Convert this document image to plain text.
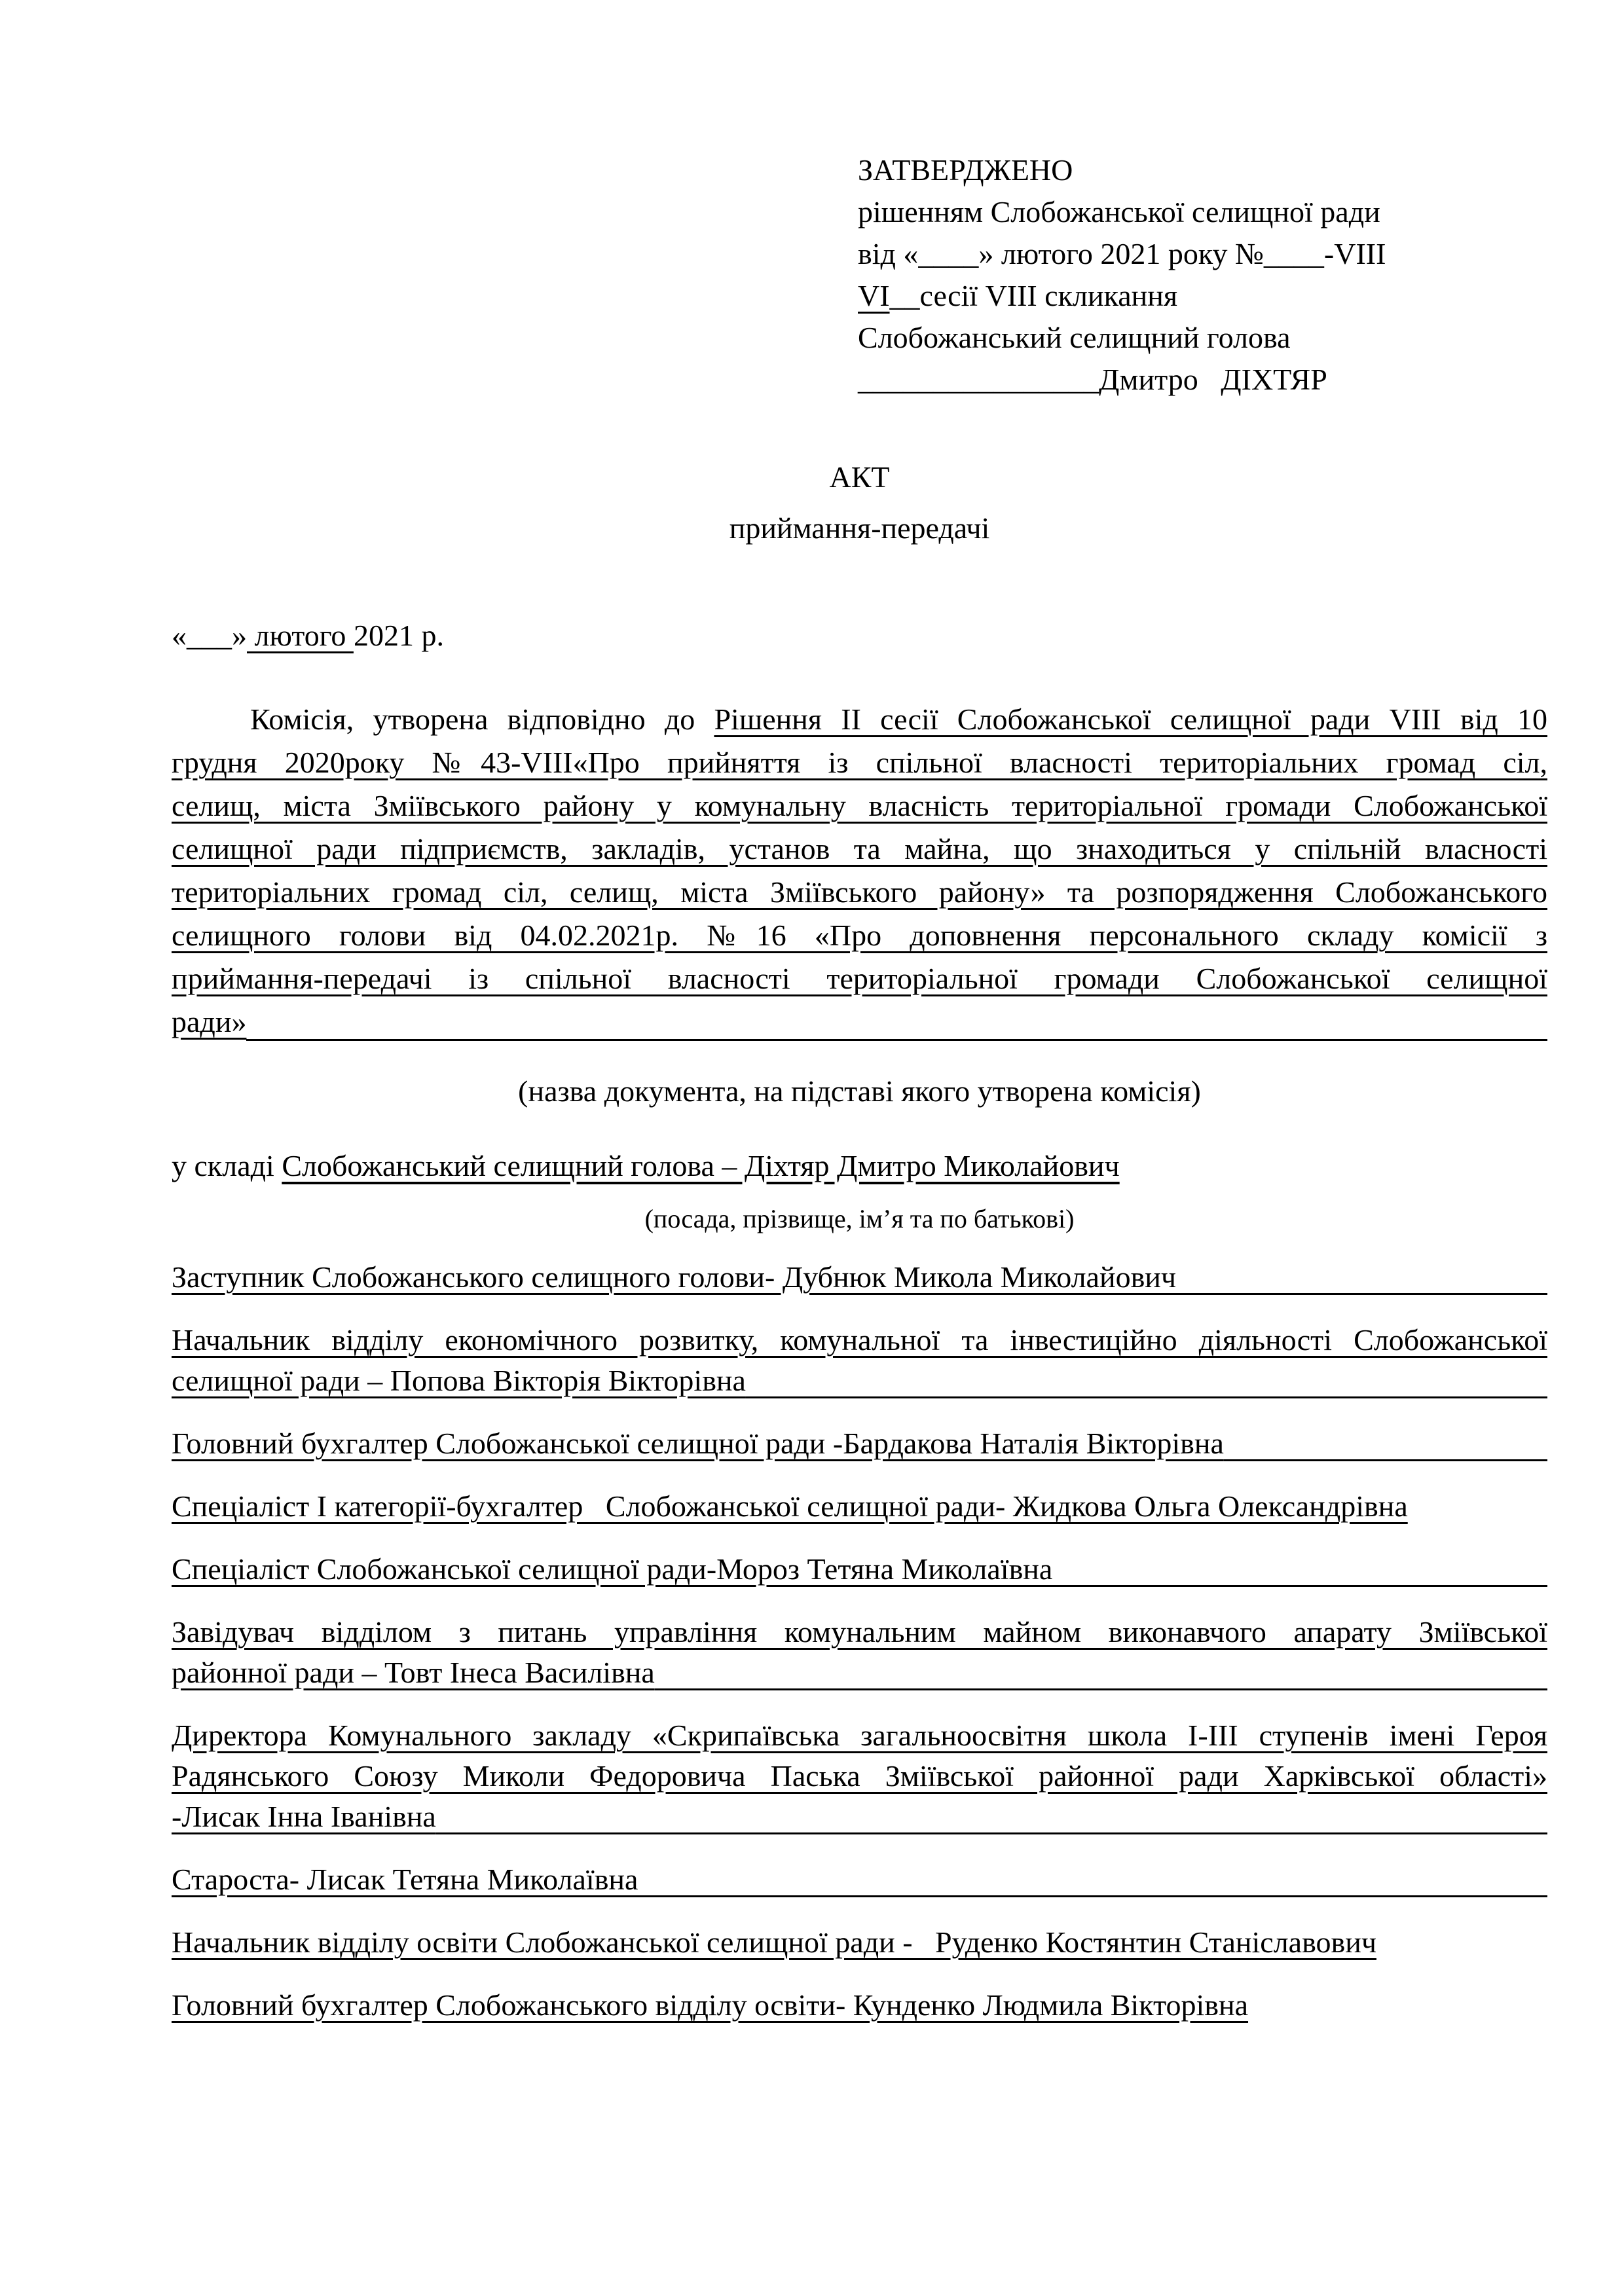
ЗАТВЕРДЖЕНО
рішенням Слобожанської селищної ради
від «____» лютого 2021 року №____-VIII
VI__сесії VIII скликання
Слобожанський селищний голова
________________Дмитро   ДІХТЯР
АКТ
приймання-передачі
«___» лютого 2021 р.
Комісія, утворена відповідно до Рішення II сесії Слобожанської селищної ради VIII від 10
грудня 2020року №43-VIII«Про прийняття із спільної власності територіальних громад сіл,
селищ, міста Зміївського району у комунальну власність територіальної громади Слобожанської
селищної ради підприємств, закладів, установ та майна, що знаходиться у спільній власності
територіальних громад сіл, селищ, міста Зміївського району» та розпорядження Слобожанського
селищного голови від 04.02.2021р. №16 «Про доповнення персонального складу комісії з
приймання-передачі із спільної власності територіальної громади Слобожанської селищної
ради»
(назва документа, на підставі якого утворена комісія)
у складі Слобожанський селищний голова – Діхтяр Дмитро Миколайович
(посада, прізвище, ім’я та по батькові)
Заступник Слобожанського селищного голови- Дубнюк Микола Миколайович
Начальник відділу економічного розвитку, комунальної та інвестиційно діяльності Слобожанської
селищної ради – Попова Вікторія Вікторівна
Головний бухгалтер Слобожанської селищної ради -Бардакова Наталія Вікторівна
Спеціаліст I категорії-бухгалтер   Слобожанської селищної ради- Жидкова Ольга Олександрівна
Спеціаліст Слобожанської селищної ради-Мороз Тетяна Миколаївна
Завідувач відділом з питань управління комунальним майном виконавчого апарату Зміївської
районної ради – Товт Інеса Василівна
Директора Комунального закладу «Скрипаївська загальноосвітня школа I-III ступенів імені Героя
Радянського Союзу Миколи Федоровича Паська Зміївської районної ради Харківської області»
-Лисак Інна Іванівна
Староста- Лисак Тетяна Миколаївна
Начальник відділу освіти Слобожанської селищної ради -   Руденко Костянтин Станіславович
Головний бухгалтер Слобожанського відділу освіти- Кунденко Людмила Вікторівна
